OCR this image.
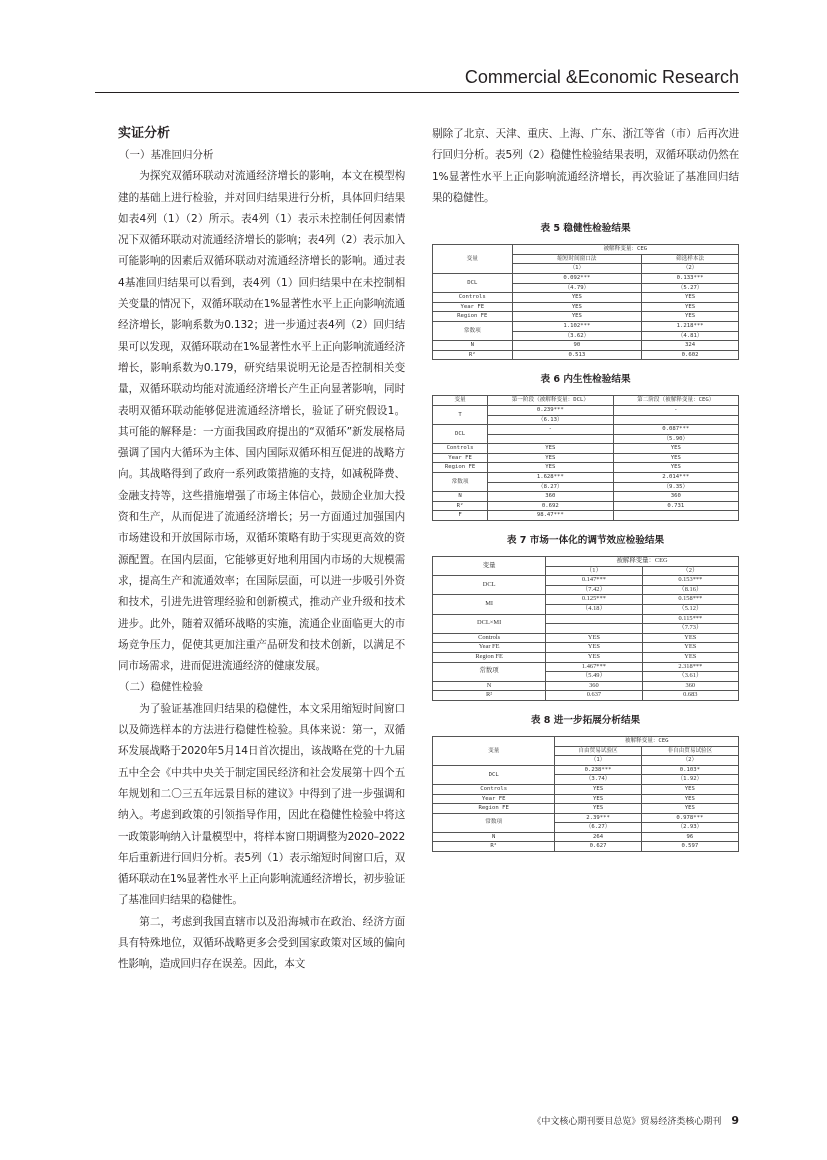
Commercial &Economic Research
实证分析

（一）基准回归分析

为探究双循环联动对流通经济增长的影响，本文在模型构建的基础上进行检验，并对回归结果进行分析，具体回归结果如表4列（1）（2）所示。表4列（1）表示未控制任何因素情况下双循环联动对流通经济增长的影响；表4列（2）表示加入可能影响的因素后双循环联动对流通经济增长的影响。通过表4基准回归结果可以看到，表4列（1）回归结果中在未控制相关变量的情况下，双循环联动在1%显著性水平上正向影响流通经济增长，影响系数为0.132；进一步通过表4列（2）回归结果可以发现，双循环联动在1%显著性水平上正向影响流通经济增长，影响系数为0.179，研究结果说明无论是否控制相关变量，双循环联动均能对流通经济增长产生正向显著影响，同时表明双循环联动能够促进流通经济增长，验证了研究假设1。其可能的解释是：一方面我国政府提出的“双循环”新发展格局强调了国内大循环为主体、国内国际双循环相互促进的战略方向。其战略得到了政府一系列政策措施的支持，如减税降费、金融支持等，这些措施增强了市场主体信心，鼓励企业加大投资和生产，从而促进了流通经济增长；另一方面通过加强国内市场建设和开放国际市场，双循环策略有助于实现更高效的资源配置。在国内层面，它能够更好地利用国内市场的大规模需求，提高生产和流通效率；在国际层面，可以进一步吸引外资和技术，引进先进管理经验和创新模式，推动产业升级和技术进步。此外，随着双循环战略的实施，流通企业面临更大的市场竞争压力，促使其更加注重产品研发和技术创新，以满足不同市场需求，进而促进流通经济的健康发展。

（二）稳健性检验

为了验证基准回归结果的稳健性，本文采用缩短时间窗口以及筛选样本的方法进行稳健性检验。具体来说：第一，双循环发展战略于2020年5月14日首次提出，该战略在党的十九届五中全会《中共中央关于制定国民经济和社会发展第十四个五年规划和二〇三五年远景目标的建议》中得到了进一步强调和纳入。考虑到政策的引领指导作用，因此在稳健性检验中将这一政策影响纳入计量模型中，将样本窗口期调整为2020–2022年后重新进行回归分析。表5列（1）表示缩短时间窗口后，双循环联动在1%显著性水平上正向影响流通经济增长，初步验证了基准回归结果的稳健性。

第二，考虑到我国直辖市以及沿海城市在政治、经济方面具有特殊地位，双循环战略更多会受到国家政策对区域的偏向性影响，造成回归存在误差。因此，本文

剔除了北京、天津、重庆、上海、广东、浙江等省（市）后再次进行回归分析。表5列（2）稳健性检验结果表明，双循环联动仍然在1%显著性水平上正向影响流通经济增长，再次验证了基准回归结果的稳健性。

表 5 稳健性检验结果
变量	被解释变量：CEG	
	缩短时间窗口法	筛选样本法
	（1）	（2）
DCL	0.092***	0.133***
	（4.79）	（5.27）
Controls	YES	YES
Year FE	YES	YES
Region FE	YES	YES
常数项	1.102***	1.218***
	（3.62）	（4.81）
N	90	324
R²	0.513	0.602
表 6 内生性检验结果
变量	第一阶段（被解释变量：DCL）	第二阶段（被解释变量：CEG）
T	0.239***	-
	（6.13）	
DCL	-	0.087***
		（5.90）
Controls	YES	YES
Year FE	YES	YES
Region FE	YES	YES
常数项	1.628***	2.014***
	（8.27）	（9.35）
N	360	360
R²	0.692	0.731
F	98.47***	
表 7 市场一体化的调节效应检验结果
变量	被解释变量：CEG	
	（1）	（2）
DCL	0.147***	0.153***
	（7.42）	（8.16）
MI	0.125***	0.158***
	（4.18）	（5.12）
DCL×MI		0.115***
		（7.73）
Controls	YES	YES
Year FE	YES	YES
Region FE	YES	YES
常数项	1.467***	2.318***
	（5.49）	（3.61）
N	360	360
R²	0.637	0.683
表 8 进一步拓展分析结果
变量	被解释变量：CEG	
	自由贸易试验区	非自由贸易试验区
	（1）	（2）
DCL	0.238***	0.103*
	（3.74）	（1.92）
Controls	YES	YES
Year FE	YES	YES
Region FE	YES	YES
常数项	2.39***	0.978***
	（6.27）	（2.93）
N	264	96
R²	0.627	0.597
《中文核心期刊要目总览》贸易经济类核心期刊 9
